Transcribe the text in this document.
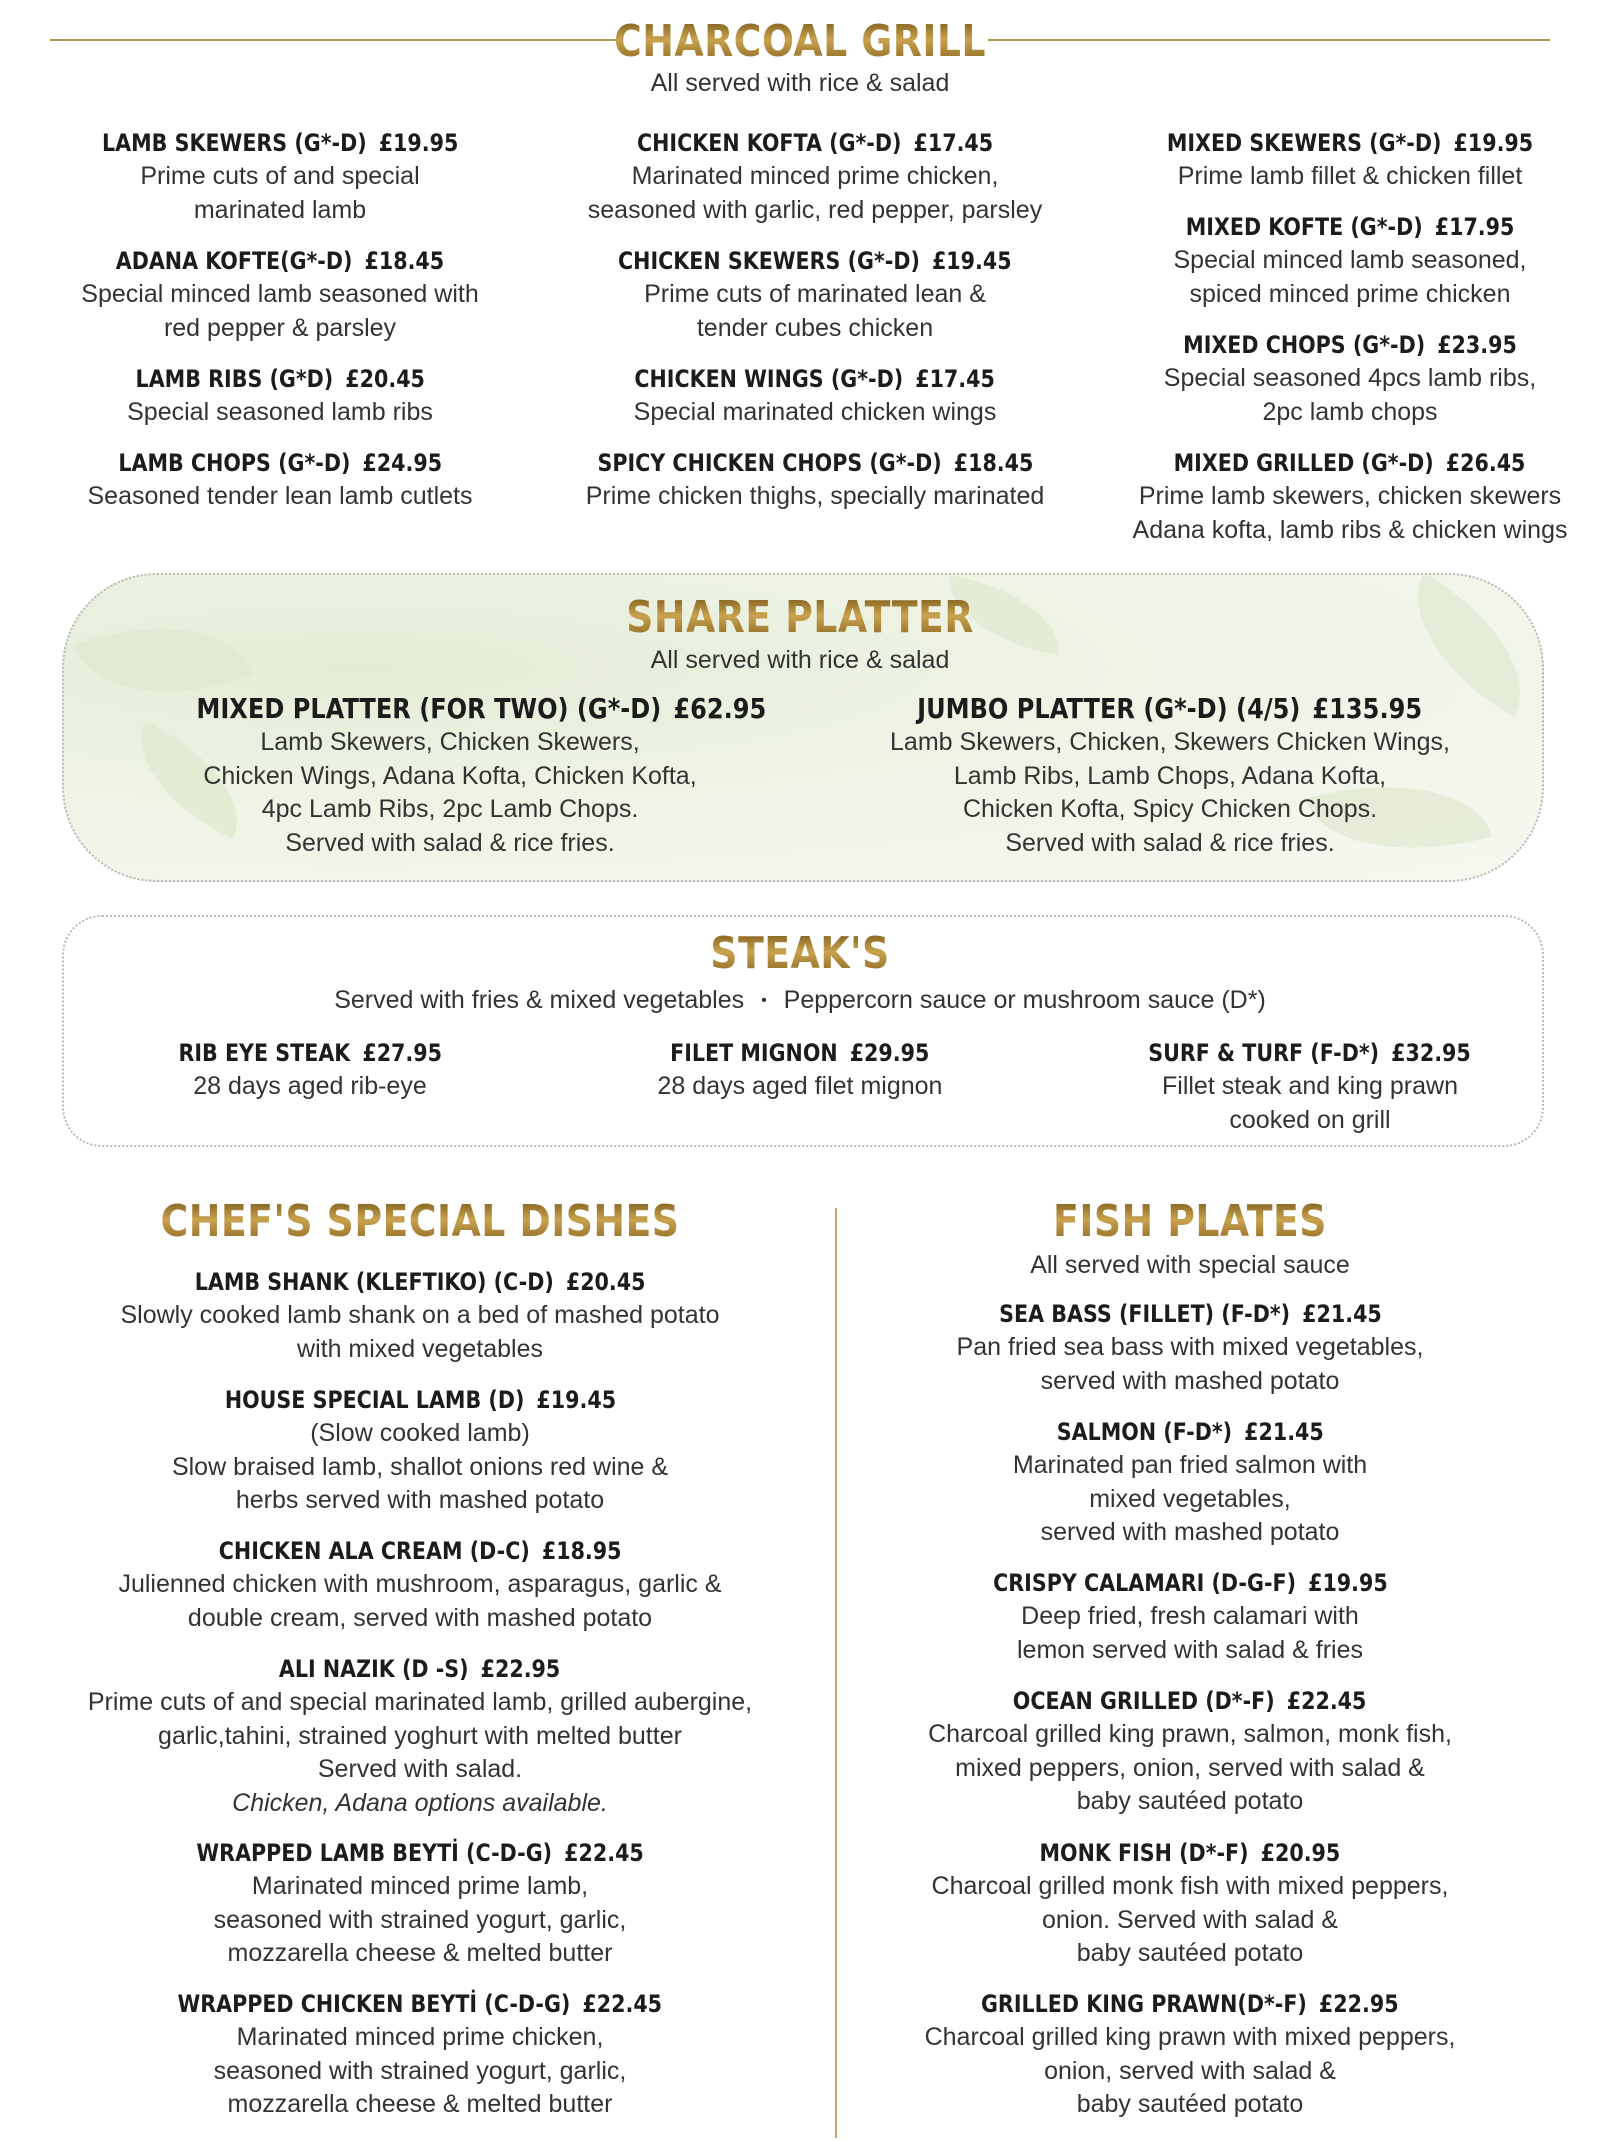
CHARCOAL GRILL
All served with rice & salad
LAMB SKEWERS (G*-D) £19.95
Prime cuts of and special
marinated lamb
ADANA KOFTE(G*-D) £18.45
Special minced lamb seasoned with
red pepper & parsley
LAMB RIBS (G*D) £20.45
Special seasoned lamb ribs
LAMB CHOPS (G*-D) £24.95
Seasoned tender lean lamb cutlets
CHICKEN KOFTA (G*-D) £17.45
Marinated minced prime chicken,
seasoned with garlic, red pepper, parsley
CHICKEN SKEWERS (G*-D) £19.45
Prime cuts of marinated lean &
tender cubes chicken
CHICKEN WINGS (G*-D) £17.45
Special marinated chicken wings
SPICY CHICKEN CHOPS (G*-D) £18.45
Prime chicken thighs, specially marinated
MIXED SKEWERS (G*-D) £19.95
Prime lamb fillet & chicken fillet
MIXED KOFTE (G*-D) £17.95
Special minced lamb seasoned,
spiced minced prime chicken
MIXED CHOPS (G*-D) £23.95
Special seasoned 4pcs lamb ribs,
2pc lamb chops
MIXED GRILLED (G*-D) £26.45
Prime lamb skewers, chicken skewers
Adana kofta, lamb ribs & chicken wings
SHARE PLATTER
All served with rice & salad
MIXED PLATTER (FOR TWO) (G*-D) £62.95
Lamb Skewers, Chicken Skewers,
Chicken Wings, Adana Kofta, Chicken Kofta,
4pc Lamb Ribs, 2pc Lamb Chops.
Served with salad & rice fries.
JUMBO PLATTER (G*-D) (4/5) £135.95
Lamb Skewers, Chicken, Skewers Chicken Wings,
Lamb Ribs, Lamb Chops, Adana Kofta,
Chicken Kofta, Spicy Chicken Chops.
Served with salad & rice fries.
STEAK'S
Served with fries & mixed vegetables • Peppercorn sauce or mushroom sauce (D*)
RIB EYE STEAK £27.95
28 days aged rib-eye
FILET MIGNON £29.95
28 days aged filet mignon
SURF & TURF (F-D*) £32.95
Fillet steak and king prawn
cooked on grill
CHEF'S SPECIAL DISHES
LAMB SHANK (KLEFTIKO) (C-D) £20.45
Slowly cooked lamb shank on a bed of mashed potato
with mixed vegetables
HOUSE SPECIAL LAMB (D) £19.45
(Slow cooked lamb)
Slow braised lamb, shallot onions red wine &
herbs served with mashed potato
CHICKEN ALA CREAM (D-C) £18.95
Julienned chicken with mushroom, asparagus, garlic &
double cream, served with mashed potato
ALI NAZIK (D -S) £22.95
Prime cuts of and special marinated lamb, grilled aubergine,
garlic,tahini, strained yoghurt with melted butter
Served with salad.
Chicken, Adana options available.
WRAPPED LAMB BEYTİ (C-D-G) £22.45
Marinated minced prime lamb,
seasoned with strained yogurt, garlic,
mozzarella cheese & melted butter
WRAPPED CHICKEN BEYTİ (C-D-G) £22.45
Marinated minced prime chicken,
seasoned with strained yogurt, garlic,
mozzarella cheese & melted butter
FISH PLATES
All served with special sauce
SEA BASS (FILLET) (F-D*) £21.45
Pan fried sea bass with mixed vegetables,
served with mashed potato
SALMON (F-D*) £21.45
Marinated pan fried salmon with
mixed vegetables,
served with mashed potato
CRISPY CALAMARI (D-G-F) £19.95
Deep fried, fresh calamari with
lemon served with salad & fries
OCEAN GRILLED (D*-F) £22.45
Charcoal grilled king prawn, salmon, monk fish,
mixed peppers, onion, served with salad &
baby sautéed potato
MONK FISH (D*-F) £20.95
Charcoal grilled monk fish with mixed peppers,
onion. Served with salad &
baby sautéed potato
GRILLED KING PRAWN(D*-F) £22.95
Charcoal grilled king prawn with mixed peppers,
onion, served with salad &
baby sautéed potato
